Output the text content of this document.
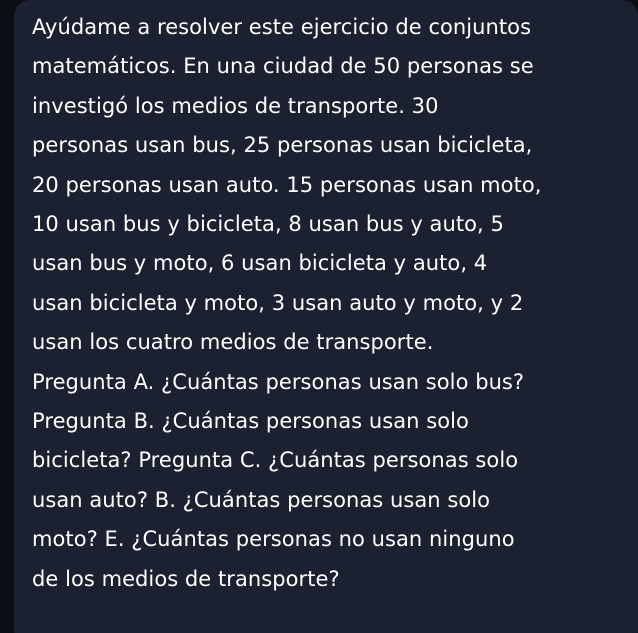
Ayúdame a resolver este ejercicio de conjuntos
matemáticos. En una ciudad de 50 personas se
investigó los medios de transporte. 30
personas usan bus, 25 personas usan bicicleta,
20 personas usan auto. 15 personas usan moto,
10 usan bus y bicicleta, 8 usan bus y auto, 5
usan bus y moto, 6 usan bicicleta y auto, 4
usan bicicleta y moto, 3 usan auto y moto, y 2
usan los cuatro medios de transporte.
Pregunta A. ¿Cuántas personas usan solo bus?
Pregunta B. ¿Cuántas personas usan solo
bicicleta? Pregunta C. ¿Cuántas personas solo
usan auto? B. ¿Cuántas personas usan solo
moto? E. ¿Cuántas personas no usan ninguno
de los medios de transporte?
